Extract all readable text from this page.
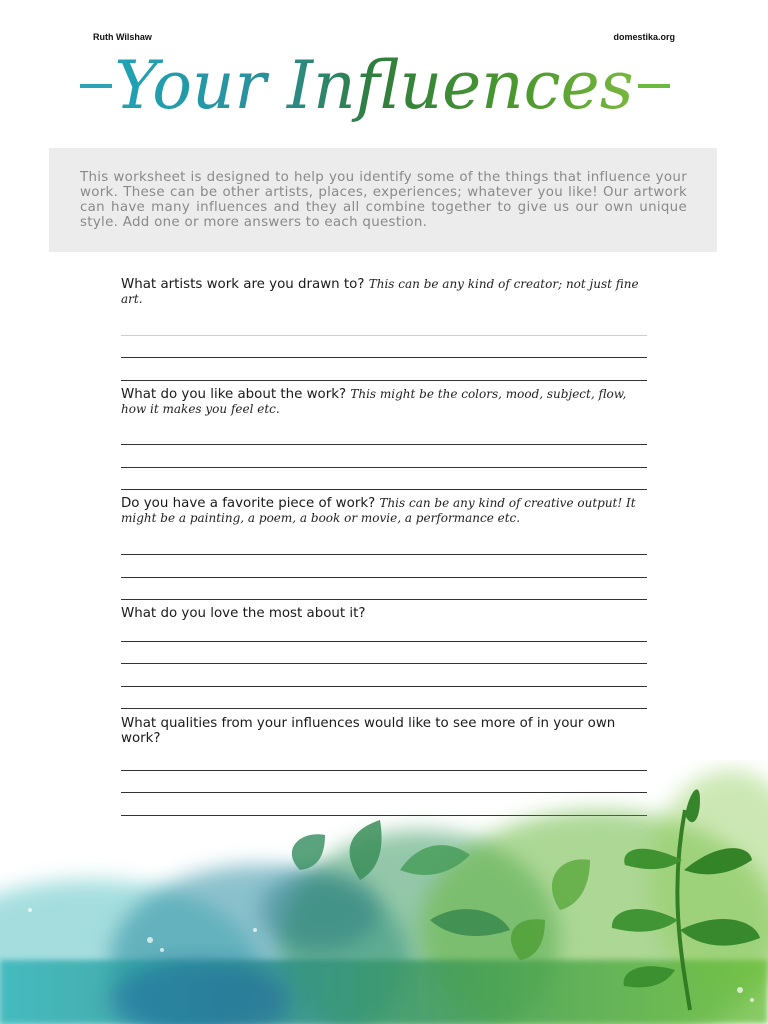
Ruth Wilshaw	domestika.org
Your Influences
This worksheet is designed to help you identify some of the things that influence your work. These can be other artists, places, experiences; whatever you like! Our artwork can have many influences and they all combine together to give us our own unique style. Add one or more answers to each question.
What artists work are you drawn to? This can be any kind of creator; not just fine art.
What do you like about the work? This might be the colors, mood, subject, flow, how it makes you feel etc.
Do you have a favorite piece of work? This can be any kind of creative output! It might be a painting, a poem, a book or movie, a performance etc.
What do you love the most about it?
What qualities from your influences would like to see more of in your own work?
